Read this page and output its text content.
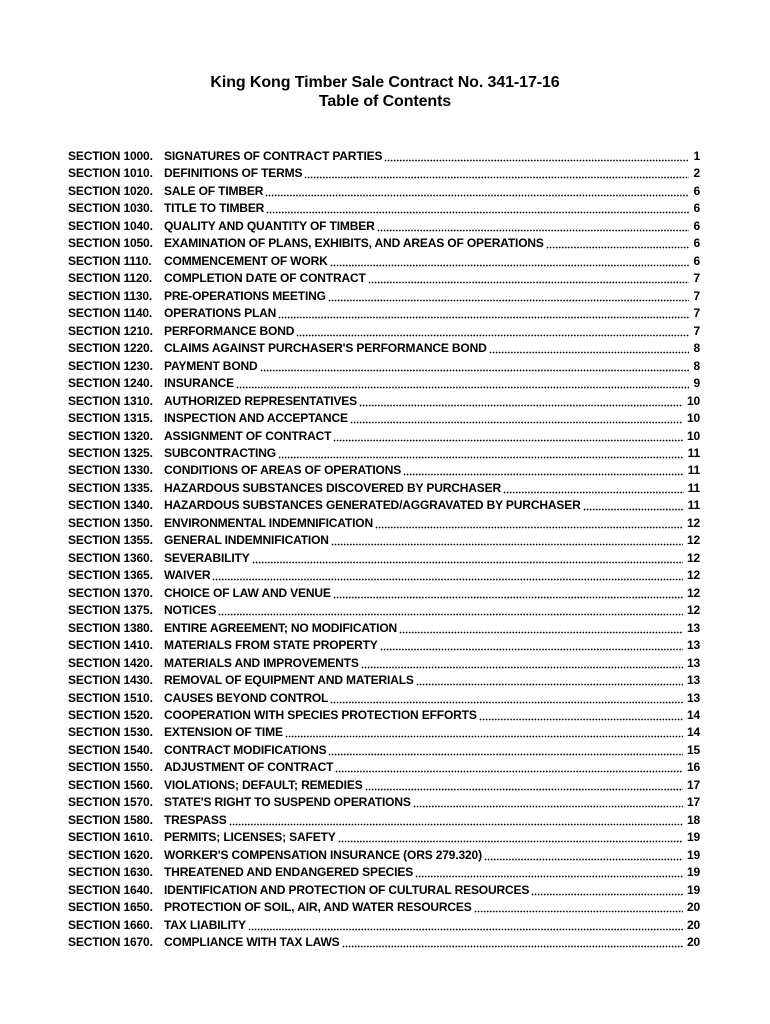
King Kong Timber Sale Contract No. 341-17-16
Table of Contents
SECTION 1000. SIGNATURES OF CONTRACT PARTIES	1
SECTION 1010. DEFINITIONS OF TERMS	2
SECTION 1020. SALE OF TIMBER	6
SECTION 1030. TITLE TO TIMBER	6
SECTION 1040. QUALITY AND QUANTITY OF TIMBER	6
SECTION 1050. EXAMINATION OF PLANS, EXHIBITS, AND AREAS OF OPERATIONS	6
SECTION 1110.	COMMENCEMENT OF WORK	6
SECTION 1120. COMPLETION DATE OF CONTRACT	7
SECTION 1130. PRE-OPERATIONS MEETING	7
SECTION 1140. OPERATIONS PLAN	7
SECTION 1210. PERFORMANCE BOND	7
SECTION 1220. CLAIMS AGAINST PURCHASER'S PERFORMANCE BOND	8
SECTION 1230. PAYMENT BOND	8
SECTION 1240. INSURANCE	9
SECTION 1310. AUTHORIZED REPRESENTATIVES	10
SECTION 1315. INSPECTION AND ACCEPTANCE	10
SECTION 1320. ASSIGNMENT OF CONTRACT	10
SECTION 1325. SUBCONTRACTING	11
SECTION 1330. CONDITIONS OF AREAS OF OPERATIONS	11
SECTION 1335. HAZARDOUS SUBSTANCES DISCOVERED BY PURCHASER	11
SECTION 1340. HAZARDOUS SUBSTANCES GENERATED/AGGRAVATED BY PURCHASER	11
SECTION 1350. ENVIRONMENTAL INDEMNIFICATION	12
SECTION 1355. GENERAL INDEMNIFICATION	12
SECTION 1360. SEVERABILITY	12
SECTION 1365. WAIVER	12
SECTION 1370. CHOICE OF LAW AND VENUE	12
SECTION 1375. NOTICES	12
SECTION 1380. ENTIRE AGREEMENT; NO MODIFICATION	13
SECTION 1410. MATERIALS FROM STATE PROPERTY	13
SECTION 1420. MATERIALS AND IMPROVEMENTS	13
SECTION 1430. REMOVAL OF EQUIPMENT AND MATERIALS	13
SECTION 1510. CAUSES BEYOND CONTROL	13
SECTION 1520. COOPERATION WITH SPECIES PROTECTION EFFORTS	14
SECTION 1530. EXTENSION OF TIME	14
SECTION 1540. CONTRACT MODIFICATIONS	15
SECTION 1550. ADJUSTMENT OF CONTRACT	16
SECTION 1560. VIOLATIONS; DEFAULT; REMEDIES	17
SECTION 1570. STATE'S RIGHT TO SUSPEND OPERATIONS	17
SECTION 1580. TRESPASS	18
SECTION 1610. PERMITS; LICENSES; SAFETY	19
SECTION 1620. WORKER'S COMPENSATION INSURANCE (ORS 279.320)	19
SECTION 1630. THREATENED AND ENDANGERED SPECIES	19
SECTION 1640. IDENTIFICATION AND PROTECTION OF CULTURAL RESOURCES	19
SECTION 1650. PROTECTION OF SOIL, AIR, AND WATER RESOURCES	20
SECTION 1660. TAX LIABILITY	20
SECTION 1670. COMPLIANCE WITH TAX LAWS	20
